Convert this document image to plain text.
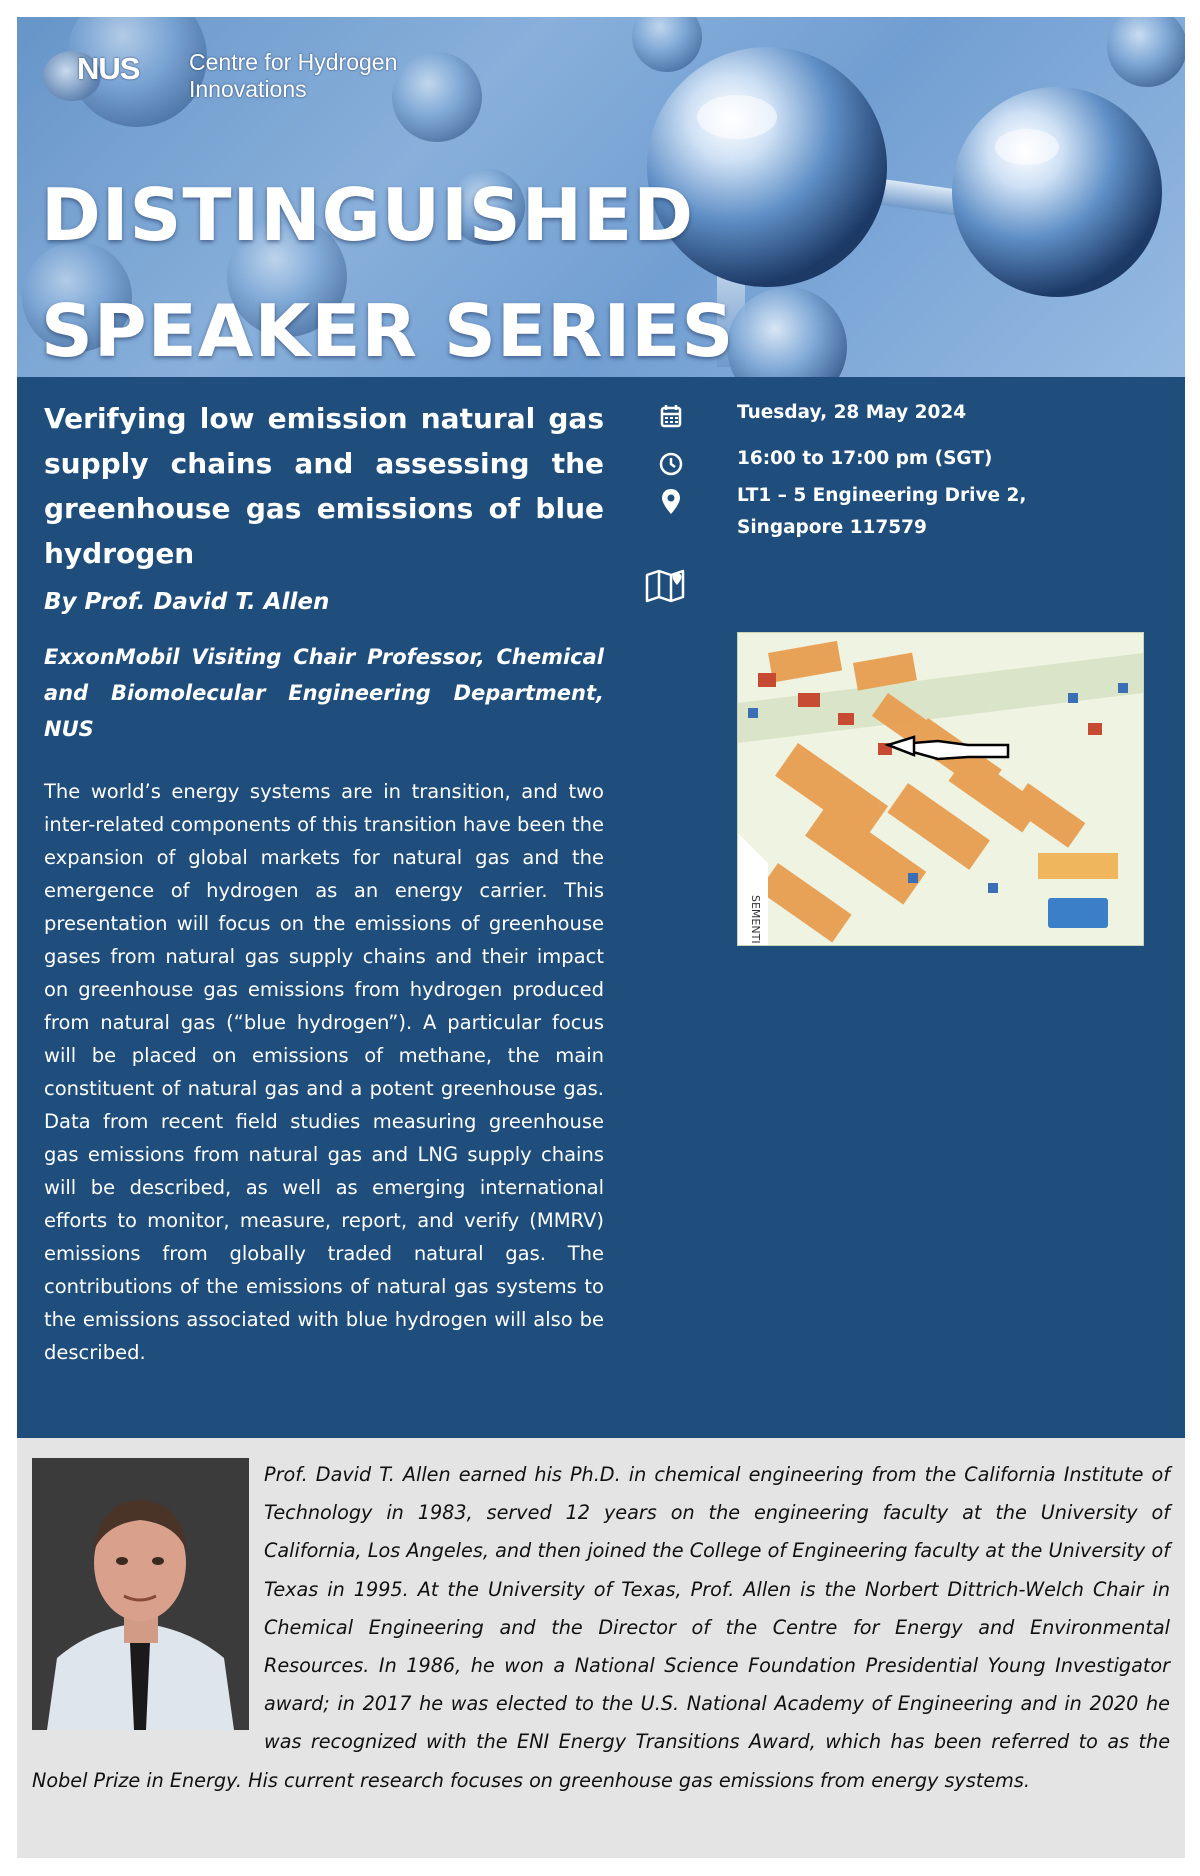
NUS Centre for Hydrogen
Innovations
DISTINGUISHED
SPEAKER SERIES
Verifying low emission natural gas supply chains and assessing the greenhouse gas emissions of blue hydrogen
By Prof. David T. Allen
ExxonMobil Visiting Chair Professor, Chemical and Biomolecular Engineering Department, NUS
The world’s energy systems are in transition, and two inter-related components of this transition have been the expansion of global markets for natural gas and the emergence of hydrogen as an energy carrier. This presentation will focus on the emissions of greenhouse gases from natural gas supply chains and their impact on greenhouse gas emissions from hydrogen produced from natural gas (“blue hydrogen”). A particular focus will be placed on emissions of methane, the main constituent of natural gas and a potent greenhouse gas. Data from recent field studies measuring greenhouse gas emissions from natural gas and LNG supply chains will be described, as well as emerging international efforts to monitor, measure, report, and verify (MMRV) emissions from globally traded natural gas. The contributions of the emissions of natural gas systems to the emissions associated with blue hydrogen will also be described.
Tuesday, 28 May 2024
16:00 to 17:00 pm (SGT)
LT1 – 5 Engineering Drive 2,
Singapore 117579
SEMENTI
Prof. David T. Allen earned his Ph.D. in chemical engineering from the California Institute of Technology in 1983, served 12 years on the engineering faculty at the University of California, Los Angeles, and then joined the College of Engineering faculty at the University of Texas in 1995. At the University of Texas, Prof. Allen is the Norbert Dittrich-Welch Chair in Chemical Engineering and the Director of the Centre for Energy and Environmental Resources. In 1986, he won a National Science Foundation Presidential Young Investigator award; in 2017 he was elected to the U.S. National Academy of Engineering and in 2020 he was recognized with the ENI Energy Transitions Award, which has been referred to as the Nobel Prize in Energy. His current research focuses on greenhouse gas emissions from energy systems.
